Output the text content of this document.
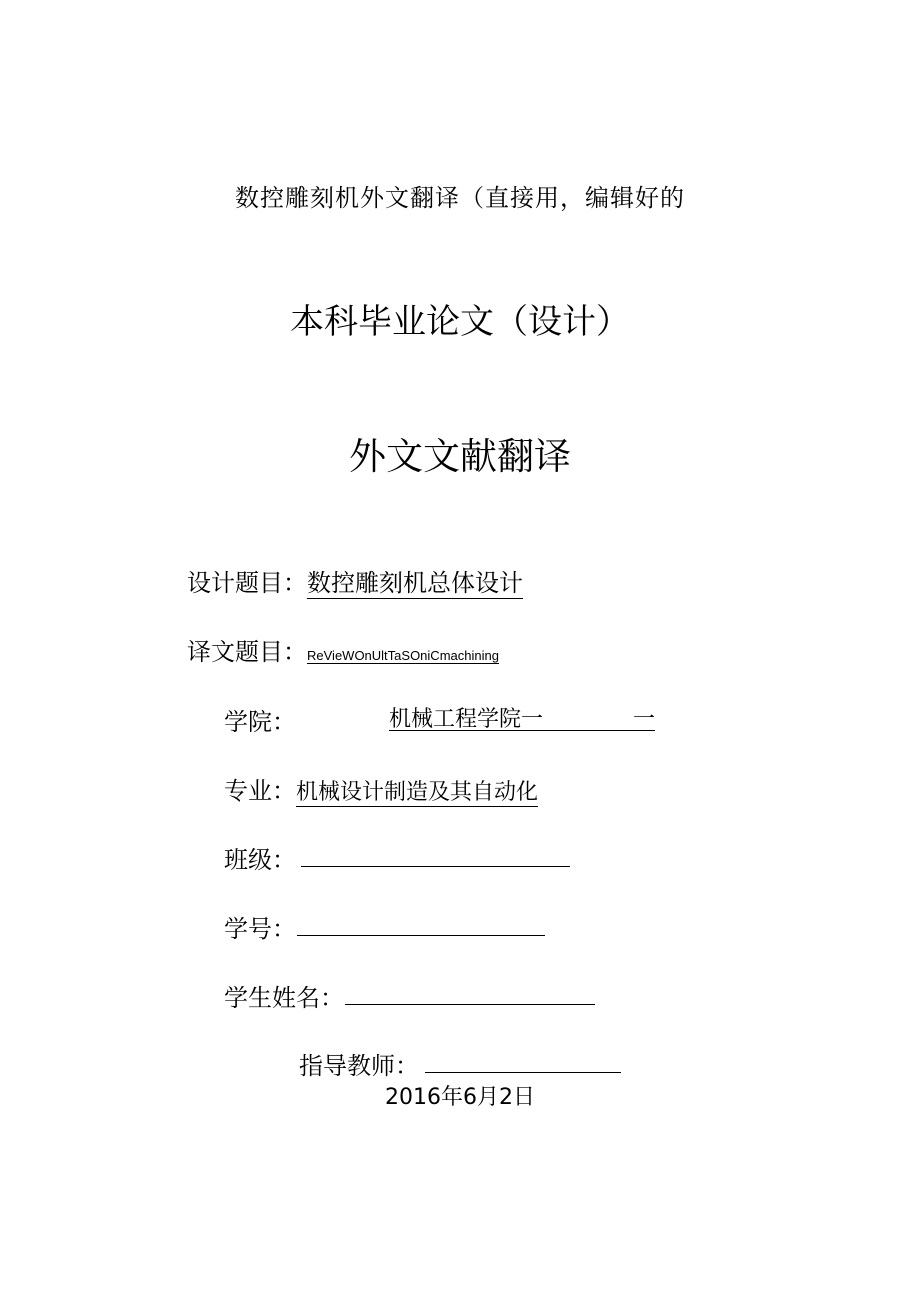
数控雕刻机外文翻译（直接用，编辑好的
本科毕业论文（设计）
外文文献翻译
设计题目：数控雕刻机总体设计
译文题目：ReVieWOnUltTaSOniCmachining
学院：	机械工程学院一	一
专业：机械设计制造及其自动化
班级：
学号：
学生姓名：
指导教师：
2016年6月2日
